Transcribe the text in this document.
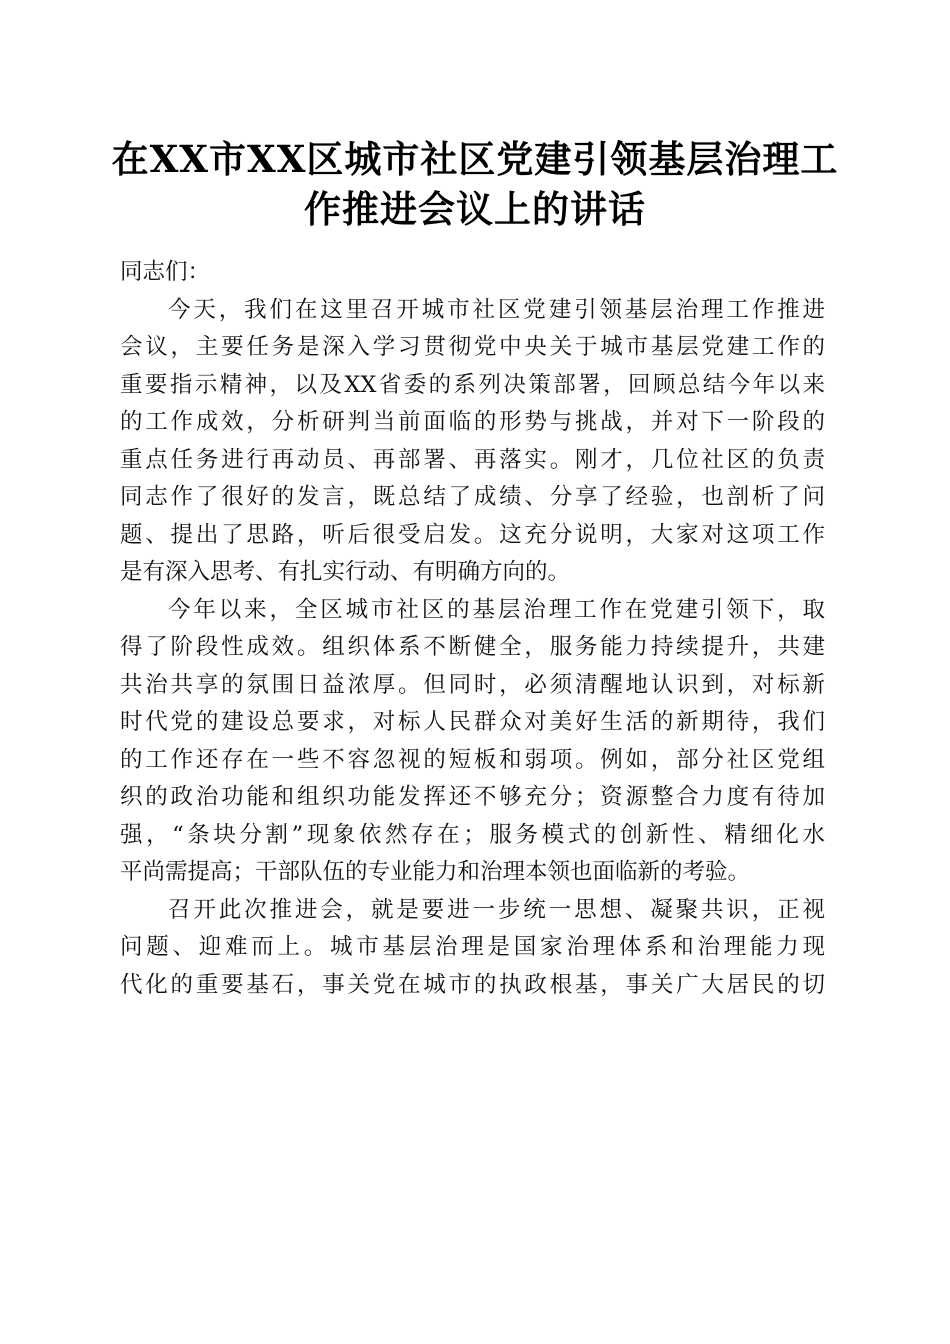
在XX市XX区城市社区党建引领基层治理工
作推进会议上的讲话

同志们：

今天，我们在这里召开城市社区党建引领基层治理工作推进
会议，主要任务是深入学习贯彻党中央关于城市基层党建工作的
重要指示精神，以及XX省委的系列决策部署，回顾总结今年以来
的工作成效，分析研判当前面临的形势与挑战，并对下一阶段的
重点任务进行再动员、再部署、再落实。刚才，几位社区的负责
同志作了很好的发言，既总结了成绩、分享了经验，也剖析了问
题、提出了思路，听后很受启发。这充分说明，大家对这项工作
是有深入思考、有扎实行动、有明确方向的。

今年以来，全区城市社区的基层治理工作在党建引领下，取
得了阶段性成效。组织体系不断健全，服务能力持续提升，共建
共治共享的氛围日益浓厚。但同时，必须清醒地认识到，对标新
时代党的建设总要求，对标人民群众对美好生活的新期待，我们
的工作还存在一些不容忽视的短板和弱项。例如，部分社区党组
织的政治功能和组织功能发挥还不够充分；资源整合力度有待加
强，“条块分割”现象依然存在；服务模式的创新性、精细化水
平尚需提高；干部队伍的专业能力和治理本领也面临新的考验。

召开此次推进会，就是要进一步统一思想、凝聚共识，正视
问题、迎难而上。城市基层治理是国家治理体系和治理能力现
代化的重要基石，事关党在城市的执政根基，事关广大居民的切
